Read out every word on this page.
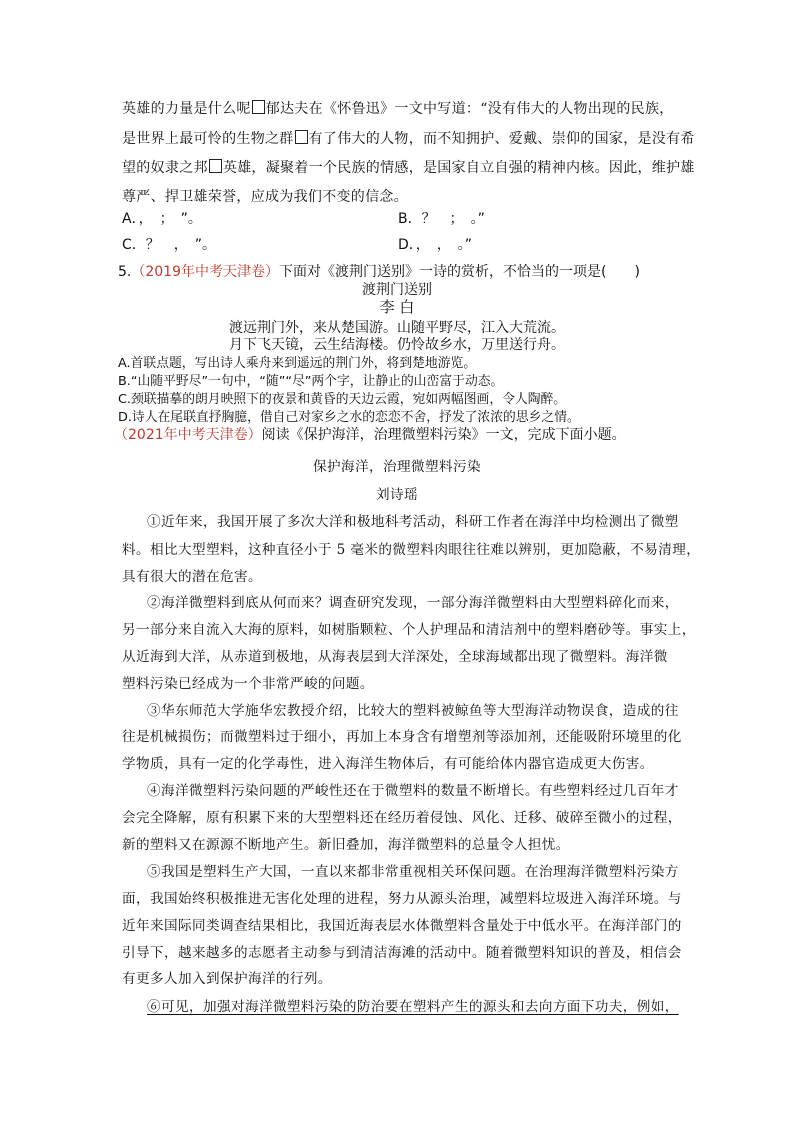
英雄的力量是什么呢 郁达夫在《怀鲁迅》一文中写道：“没有伟大的人物出现的民族，
是世界上最可怜的生物之群 有了伟大的人物，而不知拥护、爱戴、崇仰的国家，是没有希
望的奴隶之邦 英雄，凝聚着一个民族的情感，是国家自立自强的精神内核。因此，维护雄
尊严、捍卫雄荣誉，应成为我们不变的信念。
A．，　；　”。	B．？　；　。”
C．？　，　”。	D．，　，　。”
5.（2019年中考天津卷）下面对《渡荆门送别》一诗的赏析，不恰当的一项是(　　)
渡荆门送别
李 白
渡远荆门外，来从楚国游。山随平野尽，江入大荒流。
月下飞天镜，云生结海楼。仍怜故乡水，万里送行舟。
A.首联点题，写出诗人乘舟来到遥远的荆门外，将到楚地游览。
B.“山随平野尽”一句中，“随”“尽”两个字，让静止的山峦富于动态。
C.颈联描摹的朗月映照下的夜景和黄昏的天边云霞，宛如两幅图画，令人陶醉。
D.诗人在尾联直抒胸臆，借自己对家乡之水的恋恋不舍，抒发了浓浓的思乡之情。
（2021年中考天津卷）阅读《保护海洋，治理微塑料污染》一文，完成下面小题。
保护海洋，治理微塑料污染
刘诗瑶
①近年来，我国开展了多次大洋和极地科考活动，科研工作者在海洋中均检测出了微塑
料。相比大型塑料，这种直径小于 5 毫米的微塑料肉眼往往难以辨别，更加隐蔽，不易清理，
具有很大的潜在危害。
②海洋微塑料到底从何而来？调查研究发现，一部分海洋微塑料由大型塑料碎化而来，
另一部分来自流入大海的原料，如树脂颗粒、个人护理品和清洁剂中的塑料磨砂等。事实上，
从近海到大洋，从赤道到极地，从海表层到大洋深处，全球海域都出现了微塑料。海洋微
塑料污染已经成为一个非常严峻的问题。
③华东师范大学施华宏教授介绍，比较大的塑料被鲸鱼等大型海洋动物误食，造成的往
往是机械损伤；而微塑料过于细小，再加上本身含有增塑剂等添加剂，还能吸附环境里的化
学物质，具有一定的化学毒性，进入海洋生物体后，有可能给体内器官造成更大伤害。
④海洋微塑料污染问题的严峻性还在于微塑料的数量不断增长。有些塑料经过几百年才
会完全降解，原有积累下来的大型塑料还在经历着侵蚀、风化、迁移、破碎至微小的过程，
新的塑料又在源源不断地产生。新旧叠加，海洋微塑料的总量令人担忧。
⑤我国是塑料生产大国，一直以来都非常重视相关环保问题。在治理海洋微塑料污染方
面，我国始终积极推进无害化处理的进程，努力从源头治理，减塑料垃圾进入海洋环境。与
近年来国际同类调查结果相比，我国近海表层水体微塑料含量处于中低水平。在海洋部门的
引导下，越来越多的志愿者主动参与到清洁海滩的活动中。随着微塑料知识的普及，相信会
有更多人加入到保护海洋的行列。
⑥可见，加强对海洋微塑料污染的防治要在塑料产生的源头和去向方面下功夫，例如，
